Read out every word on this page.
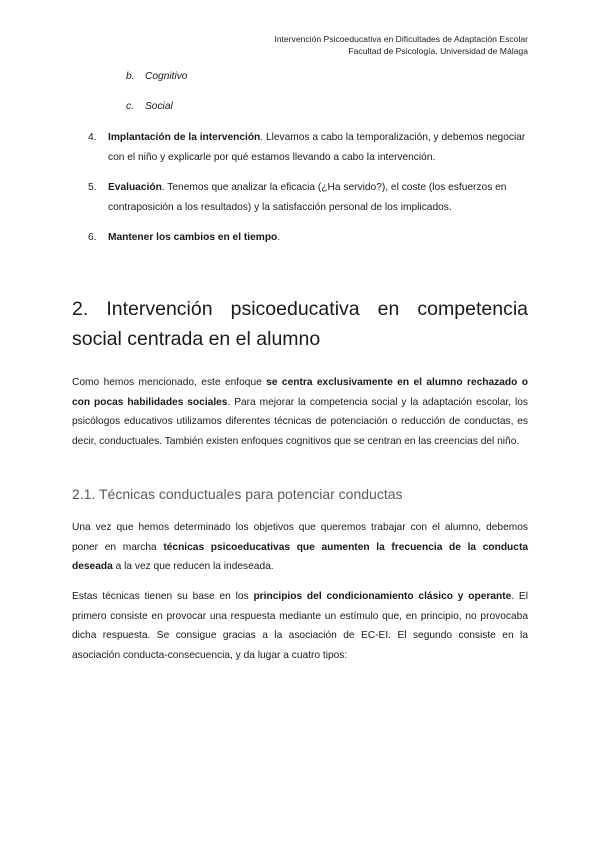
Intervención Psicoeducativa en Dificultades de Adaptación Escolar
Facultad de Psicología, Universidad de Málaga
b.	Cognitivo
c.	Social
4.	Implantación de la intervención. Llevamos a cabo la temporalización, y debemos negociar con el niño y explicarle por qué estamos llevando a cabo la intervención.
5.	Evaluación. Tenemos que analizar la eficacia (¿Ha servido?), el coste (los esfuerzos en contraposición a los resultados) y la satisfacción personal de los implicados.
6.	Mantener los cambios en el tiempo.
2. Intervención psicoeducativa en competencia social centrada en el alumno

Como hemos mencionado, este enfoque se centra exclusivamente en el alumno rechazado o con pocas habilidades sociales. Para mejorar la competencia social y la adaptación escolar, los psicólogos educativos utilizamos diferentes técnicas de potenciación o reducción de conductas, es decir, conductuales. También existen enfoques cognitivos que se centran en las creencias del niño.

2.1. Técnicas conductuales para potenciar conductas

Una vez que hemos determinado los objetivos que queremos trabajar con el alumno, debemos poner en marcha técnicas psicoeducativas que aumenten la frecuencia de la conducta deseada a la vez que reducen la indeseada.

Estas técnicas tienen su base en los principios del condicionamiento clásico y operante. El primero consiste en provocar una respuesta mediante un estímulo que, en principio, no provocaba dicha respuesta. Se consigue gracias a la asociación de EC-EI. El segundo consiste en la asociación conducta-consecuencia, y da lugar a cuatro tipos:
